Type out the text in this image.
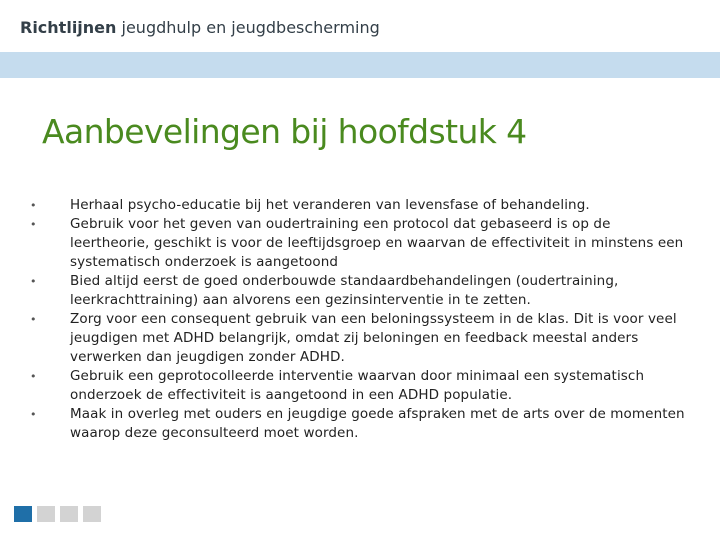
Richtlijnen jeugdhulp en jeugdbescherming
Aanbevelingen bij hoofdstuk 4
• Herhaal psycho-educatie bij het veranderen van levensfase of behandeling.
• Gebruik voor het geven van oudertraining een protocol dat gebaseerd is op de leertheorie, geschikt is voor de leeftijdsgroep en waarvan de effectiviteit in minstens een systematisch onderzoek is aangetoond
• Bied altijd eerst de goed onderbouwde standaardbehandelingen (oudertraining, leerkrachttraining) aan alvorens een gezinsinterventie in te zetten.
• Zorg voor een consequent gebruik van een beloningssysteem in de klas. Dit is voor veel jeugdigen met ADHD belangrijk, omdat zij beloningen en feedback meestal anders verwerken dan jeugdigen zonder ADHD.
• Gebruik een geprotocolleerde interventie waarvan door minimaal een systematisch onderzoek de effectiviteit is aangetoond in een ADHD populatie.
• Maak in overleg met ouders en jeugdige goede afspraken met de arts over de momenten waarop deze geconsulteerd moet worden.
